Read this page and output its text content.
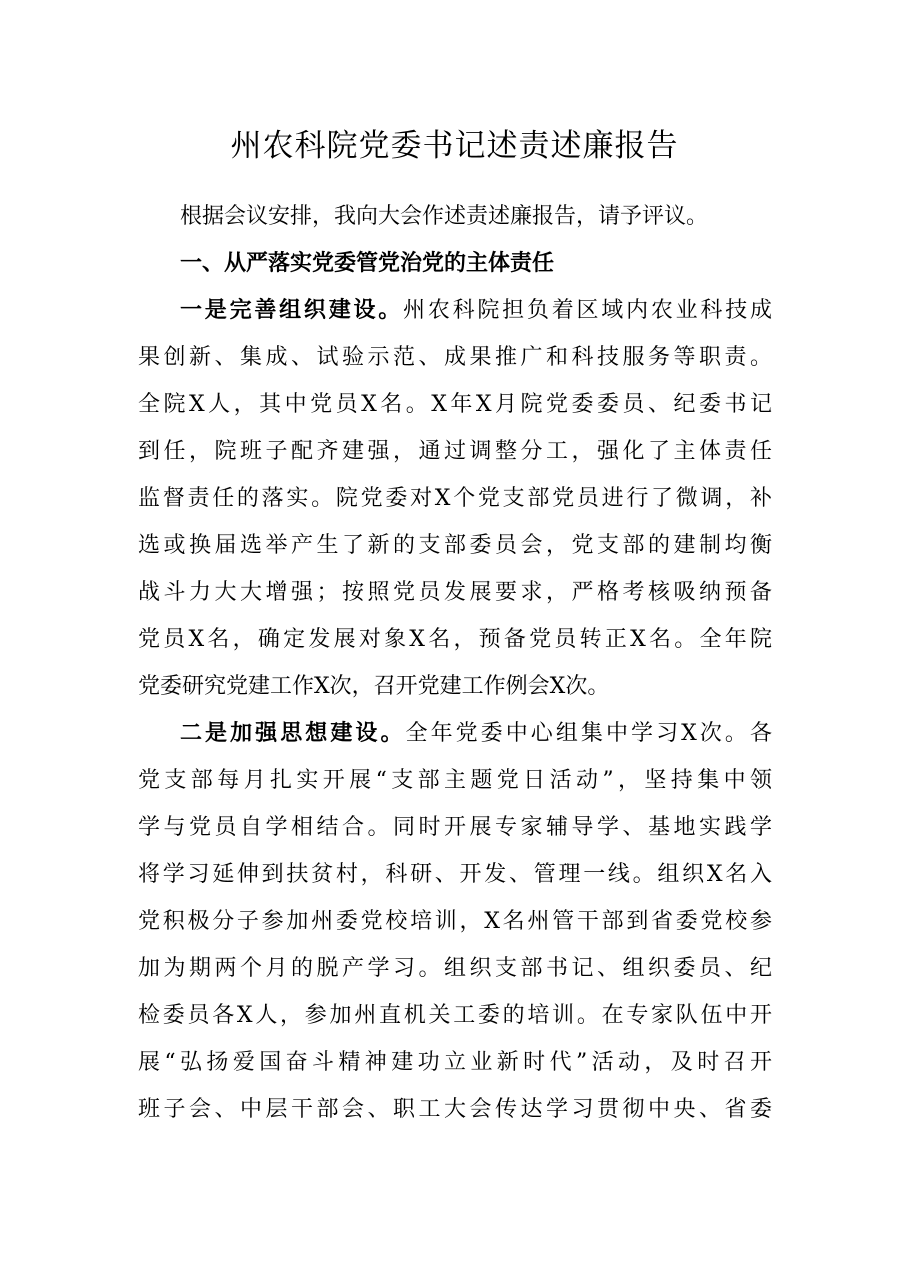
州农科院党委书记述责述廉报告
根据会议安排，我向大会作述责述廉报告，请予评议。
一、从严落实党委管党治党的主体责任
一是完善组织建设。州农科院担负着区域内农业科技成
果创新、集成、试验示范、成果推广和科技服务等职责。
全院X人，其中党员X名。X年X月院党委委员、纪委书记
到任，院班子配齐建强，通过调整分工，强化了主体责任
监督责任的落实。院党委对X个党支部党员进行了微调，补
选或换届选举产生了新的支部委员会，党支部的建制均衡
战斗力大大增强；按照党员发展要求，严格考核吸纳预备
党员X名，确定发展对象X名，预备党员转正X名。全年院
党委研究党建工作X次，召开党建工作例会X次。
二是加强思想建设。全年党委中心组集中学习X次。各
党支部每月扎实开展“支部主题党日活动”，坚持集中领
学与党员自学相结合。同时开展专家辅导学、基地实践学
将学习延伸到扶贫村，科研、开发、管理一线。组织X名入
党积极分子参加州委党校培训，X名州管干部到省委党校参
加为期两个月的脱产学习。组织支部书记、组织委员、纪
检委员各X人，参加州直机关工委的培训。在专家队伍中开
展“弘扬爱国奋斗精神建功立业新时代”活动，及时召开
班子会、中层干部会、职工大会传达学习贯彻中央、省委
